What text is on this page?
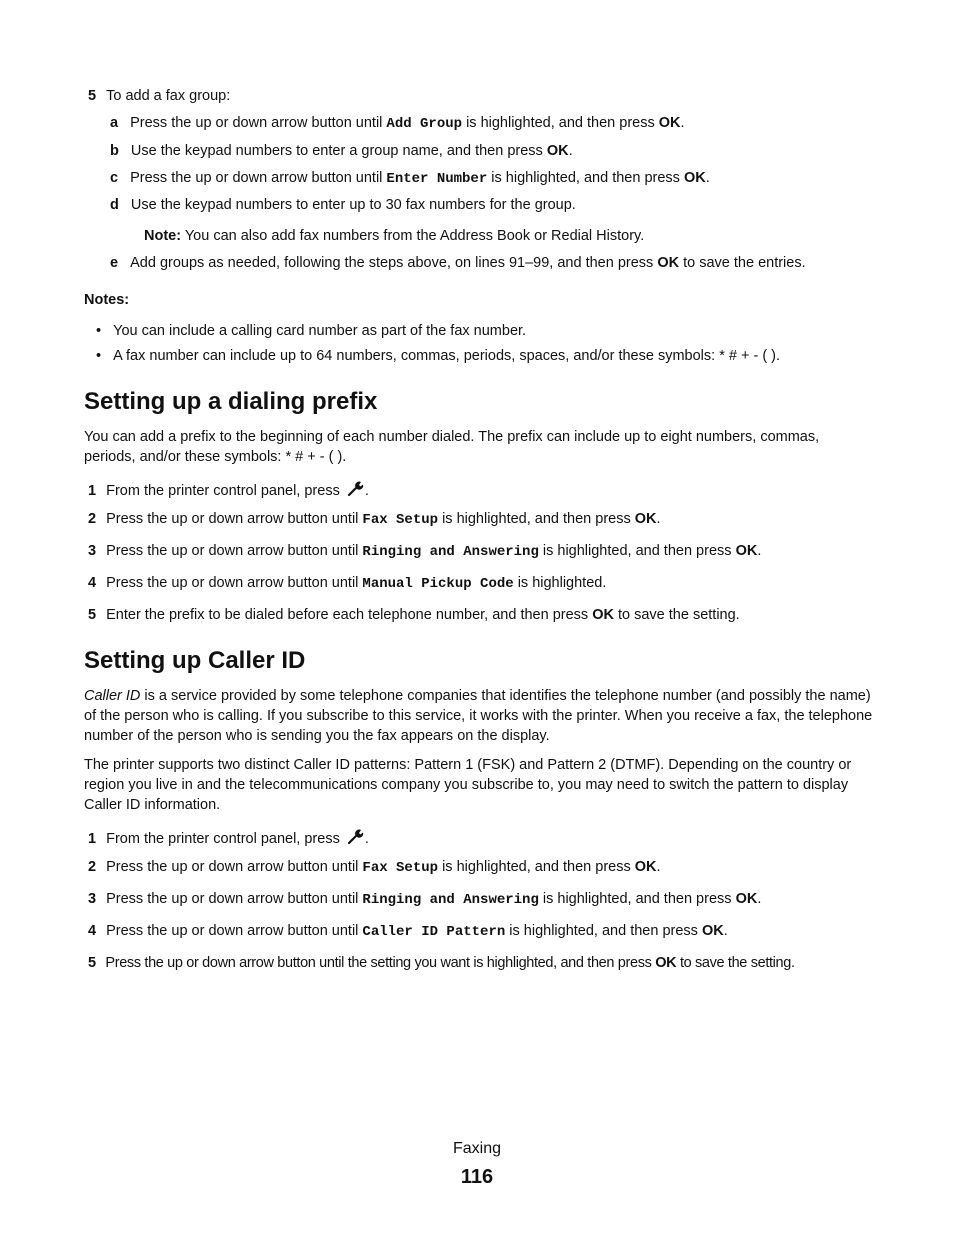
5 To add a fax group:
a Press the up or down arrow button until Add Group is highlighted, and then press OK.
b Use the keypad numbers to enter a group name, and then press OK.
c Press the up or down arrow button until Enter Number is highlighted, and then press OK.
d Use the keypad numbers to enter up to 30 fax numbers for the group.
Note: You can also add fax numbers from the Address Book or Redial History.
e Add groups as needed, following the steps above, on lines 91–99, and then press OK to save the entries.
Notes:
• You can include a calling card number as part of the fax number.
• A fax number can include up to 64 numbers, commas, periods, spaces, and/or these symbols: * # + - ( ).
Setting up a dialing prefix
You can add a prefix to the beginning of each number dialed. The prefix can include up to eight numbers, commas, periods, and/or these symbols: * # + - ( ).
1 From the printer control panel, press .
2 Press the up or down arrow button until Fax Setup is highlighted, and then press OK.
3 Press the up or down arrow button until Ringing and Answering is highlighted, and then press OK.
4 Press the up or down arrow button until Manual Pickup Code is highlighted.
5 Enter the prefix to be dialed before each telephone number, and then press OK to save the setting.
Setting up Caller ID
Caller ID is a service provided by some telephone companies that identifies the telephone number (and possibly the name) of the person who is calling. If you subscribe to this service, it works with the printer. When you receive a fax, the telephone number of the person who is sending you the fax appears on the display.
The printer supports two distinct Caller ID patterns: Pattern 1 (FSK) and Pattern 2 (DTMF). Depending on the country or region you live in and the telecommunications company you subscribe to, you may need to switch the pattern to display Caller ID information.
1 From the printer control panel, press .
2 Press the up or down arrow button until Fax Setup is highlighted, and then press OK.
3 Press the up or down arrow button until Ringing and Answering is highlighted, and then press OK.
4 Press the up or down arrow button until Caller ID Pattern is highlighted, and then press OK.
5 Press the up or down arrow button until the setting you want is highlighted, and then press OK to save the setting.
Faxing
116
